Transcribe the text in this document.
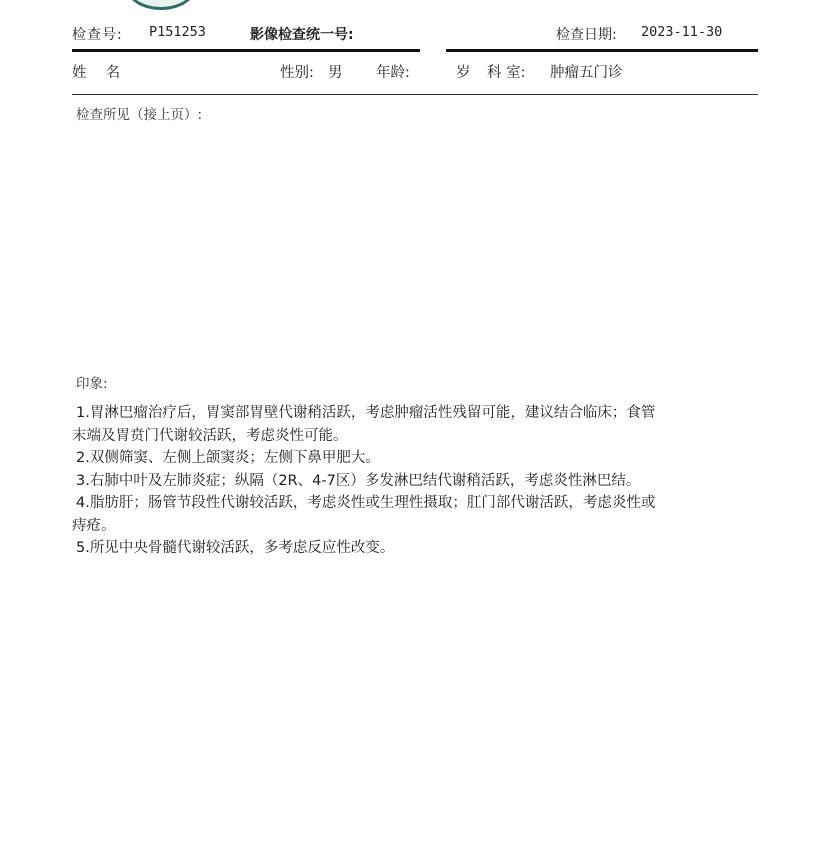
检查号: P151253	影像检查统一号:	检查日期: 2023-11-30
姓　 名	性别: 男 年龄:	岁 科 室: 肿瘤五门诊
检查所见（接上页）:
印象:

1.胃淋巴瘤治疗后，胃窦部胃壁代谢稍活跃，考虑肿瘤活性残留可能，建议结合临床；食管
末端及胃贲门代谢较活跃，考虑炎性可能。

2.双侧筛窦、左侧上颌窦炎；左侧下鼻甲肥大。

3.右肺中叶及左肺炎症；纵隔（2R、4-7区）多发淋巴结代谢稍活跃，考虑炎性淋巴结。

4.脂肪肝；肠管节段性代谢较活跃，考虑炎性或生理性摄取；肛门部代谢活跃，考虑炎性或
痔疮。

5.所见中央骨髓代谢较活跃，多考虑反应性改变。
